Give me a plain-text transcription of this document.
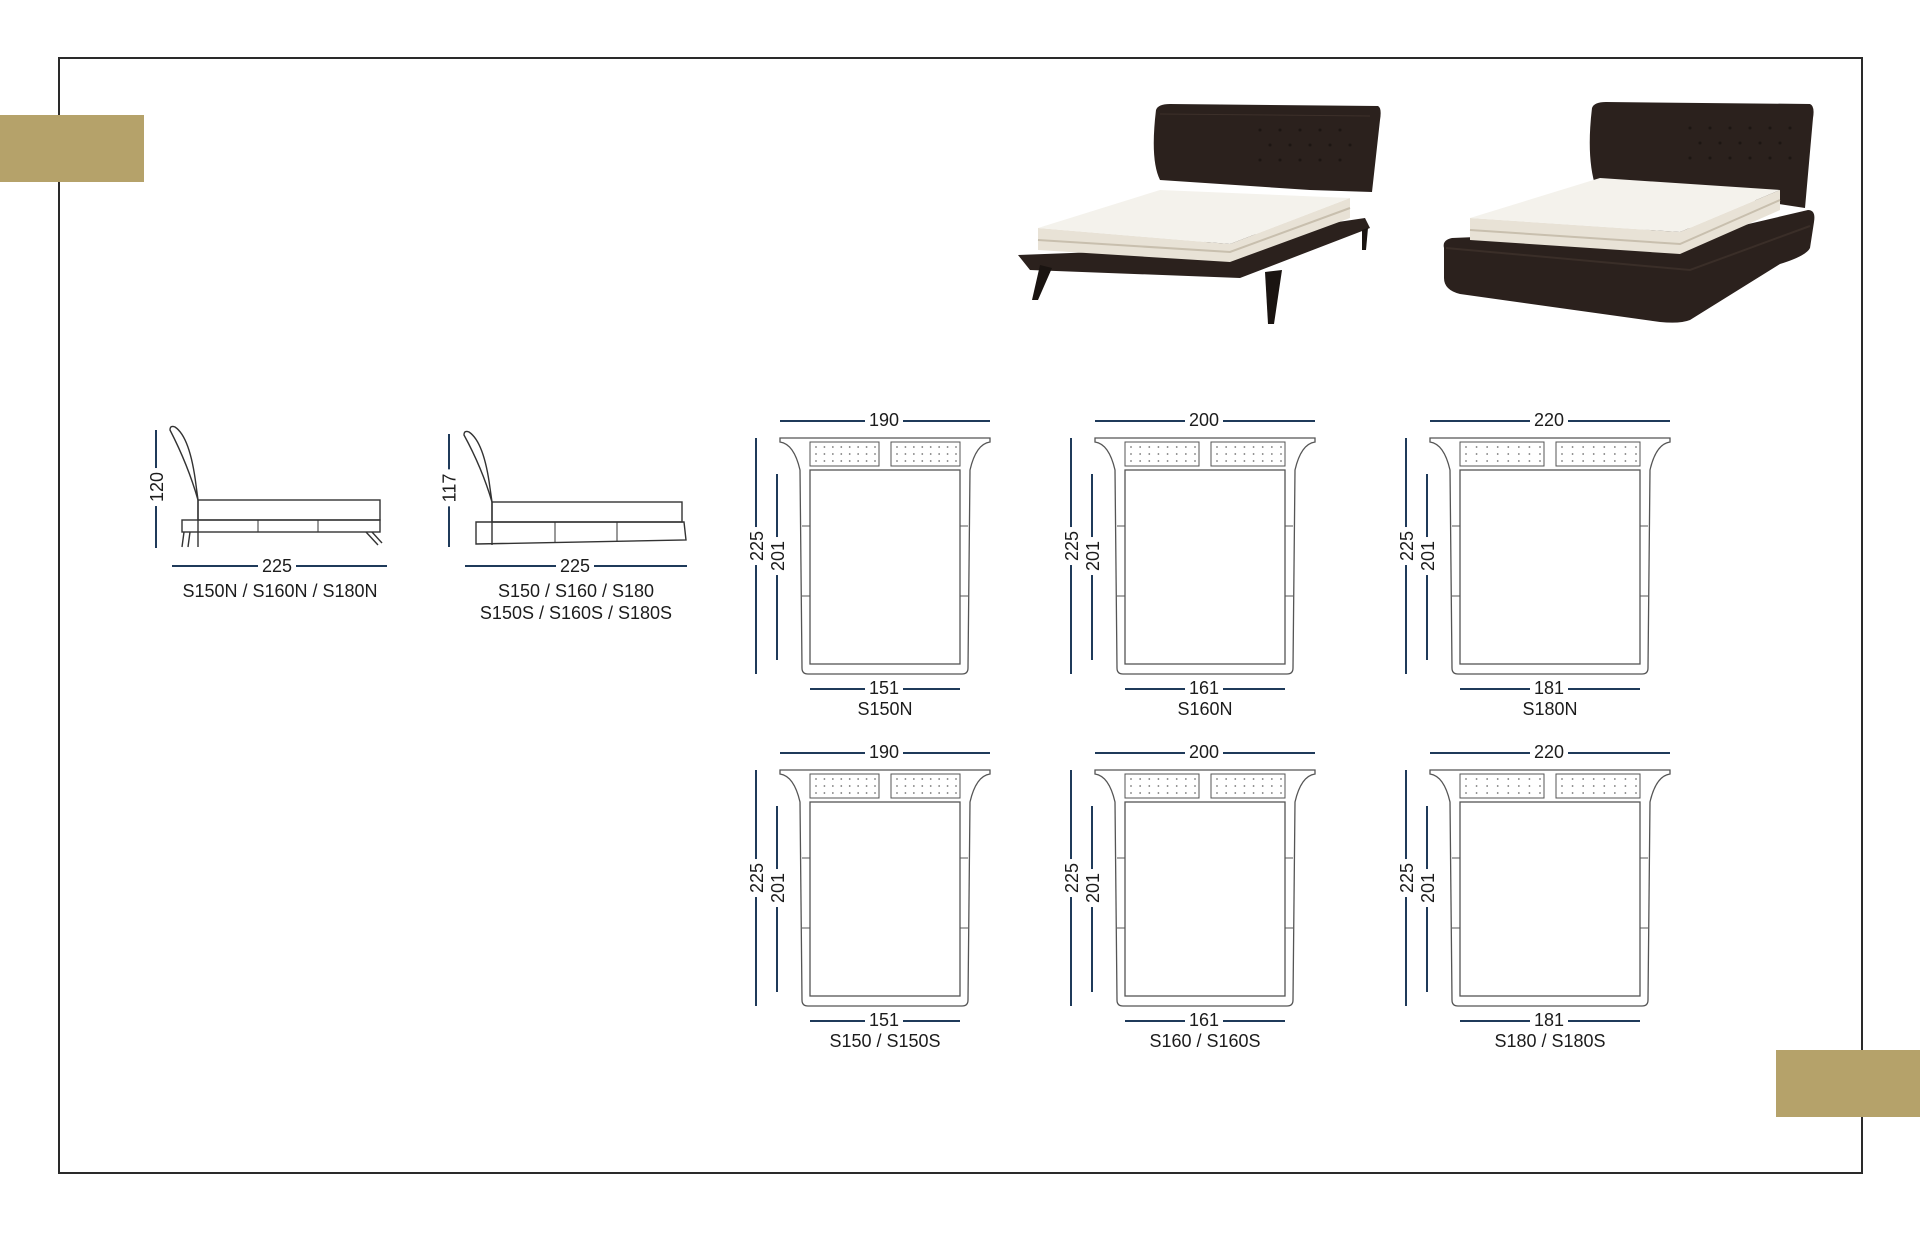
120
225
S150N / S160N / S180N
117
225
S150 / S160 / S180
S150S / S160S / S180S
190
225 201
151
S150N
200
225 201
161
S160N
220
225 201
181
S180N
190
225 201
151
S150 / S150S
200
225 201
161
S160 / S160S
220
225 201
181
S180 / S180S
